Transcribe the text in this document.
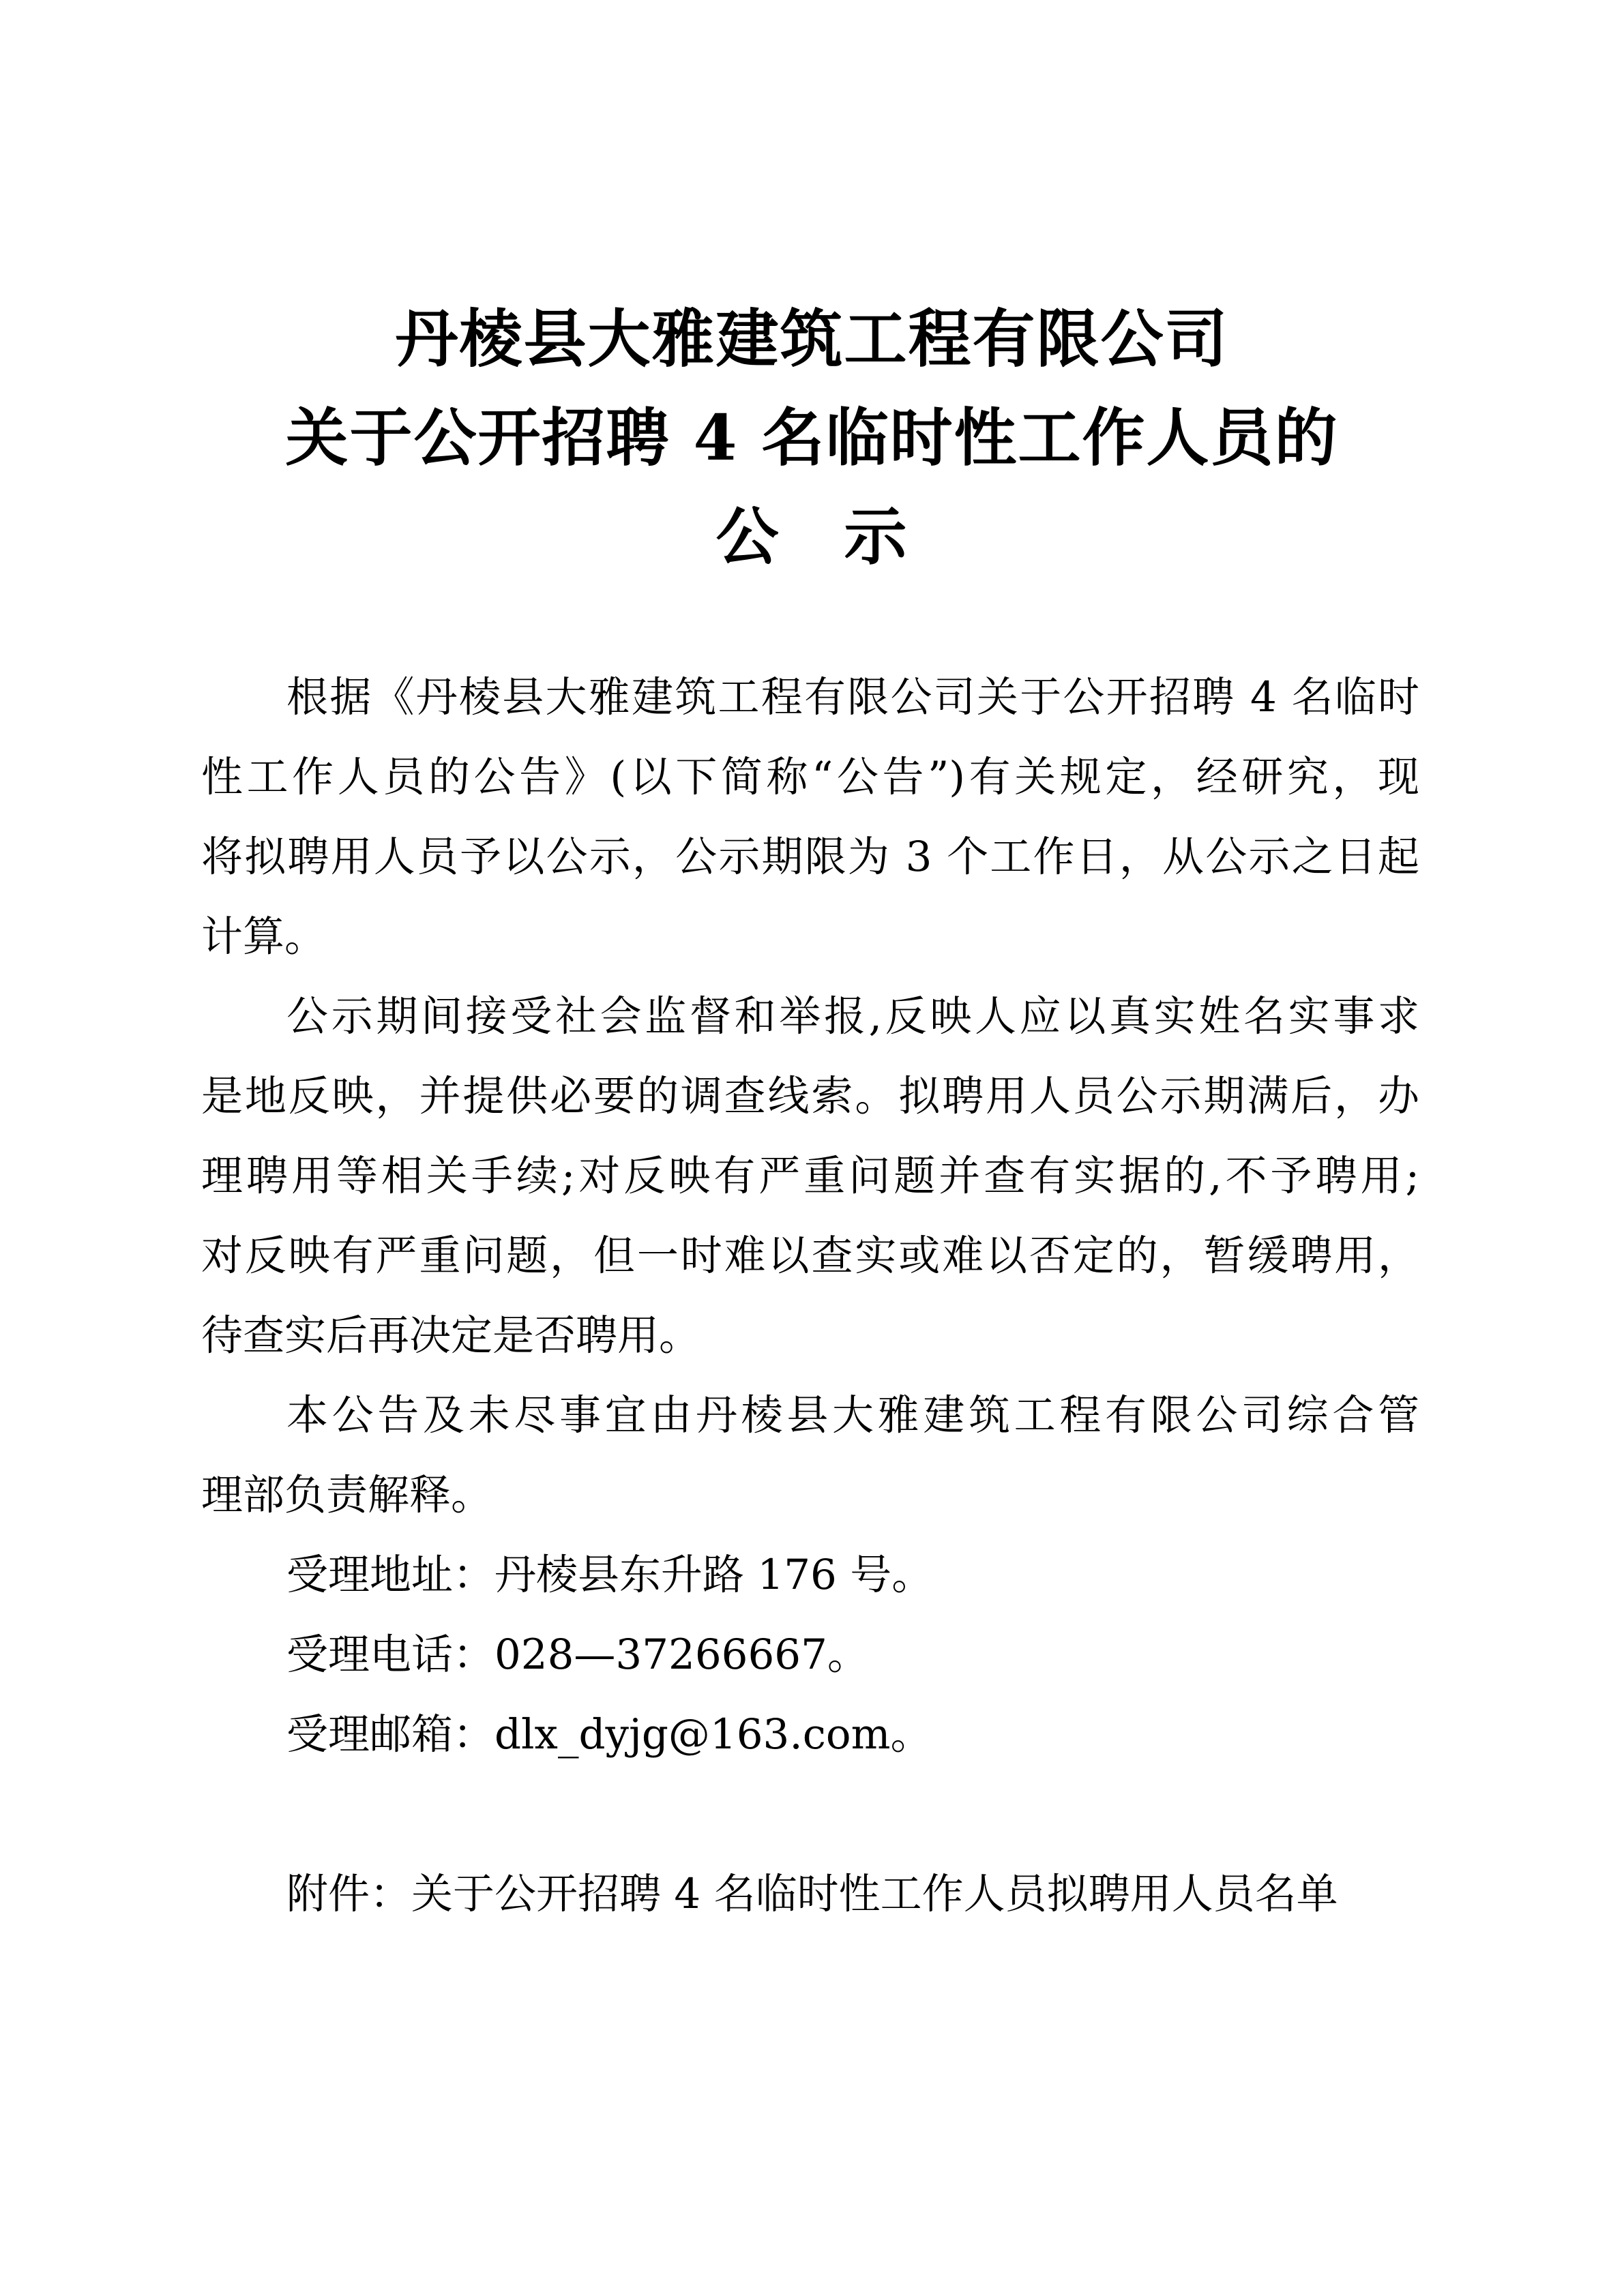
丹棱县大雅建筑工程有限公司
关于公开招聘 4 名临时性工作人员的
公　示
根据《丹棱县大雅建筑工程有限公司关于公开招聘 4 名临时
性工作人员的公告》(以下简称“公告”)有关规定，经研究，现
将拟聘用人员予以公示，公示期限为 3 个工作日，从公示之日起
计算。
公示期间接受社会监督和举报,反映人应以真实姓名实事求
是地反映，并提供必要的调查线索。拟聘用人员公示期满后，办
理聘用等相关手续;对反映有严重问题并查有实据的,不予聘用;
对反映有严重问题，但一时难以查实或难以否定的，暂缓聘用，
待查实后再决定是否聘用。
本公告及未尽事宜由丹棱县大雅建筑工程有限公司综合管
理部负责解释。
受理地址：丹棱县东升路 176 号。
受理电话：028—37266667。
受理邮箱：dlx_dyjg@163.com。
附件：关于公开招聘 4 名临时性工作人员拟聘用人员名单
